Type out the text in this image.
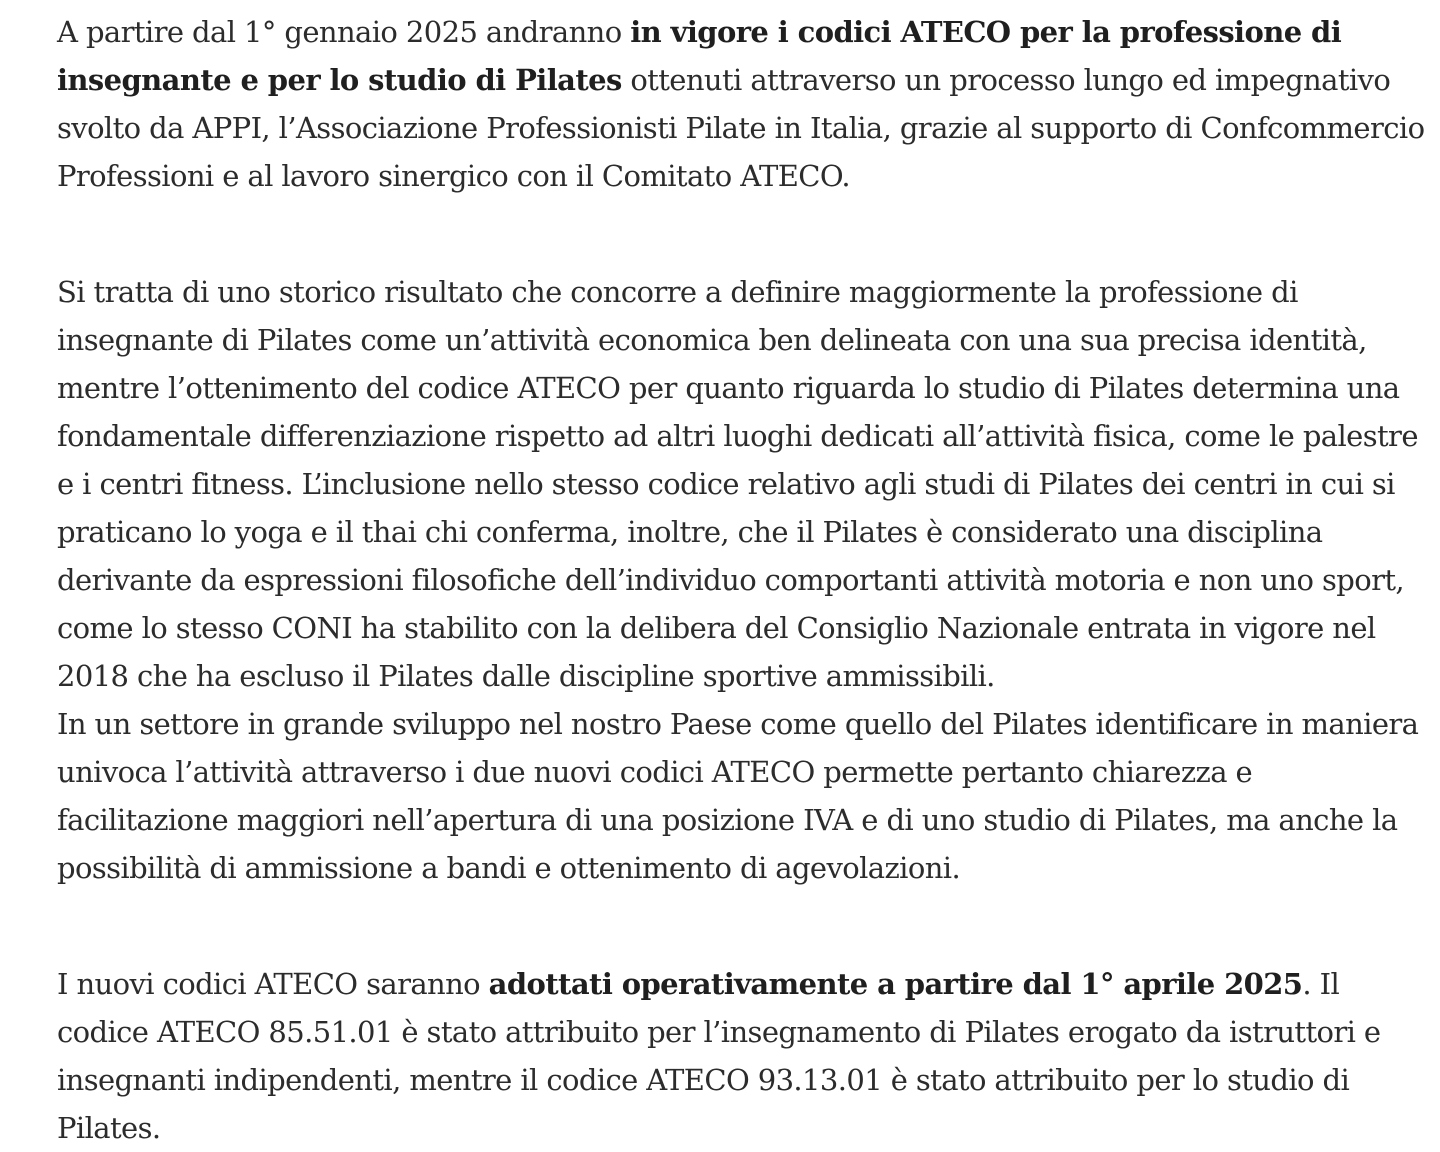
A partire dal 1° gennaio 2025 andranno in vigore i codici ATECO per la professione di insegnante e per lo studio di Pilates ottenuti attraverso un processo lungo ed impegnativo svolto da APPI, l’Associazione Professionisti Pilate in Italia, grazie al supporto di Confcommercio Professioni e al lavoro sinergico con il Comitato ATECO.

Si tratta di uno storico risultato che concorre a definire maggiormente la professione di insegnante di Pilates come un’attività economica ben delineata con una sua precisa identità, mentre l’ottenimento del codice ATECO per quanto riguarda lo studio di Pilates determina una fondamentale differenziazione rispetto ad altri luoghi dedicati all’attività fisica, come le palestre e i centri fitness. L’inclusione nello stesso codice relativo agli studi di Pilates dei centri in cui si praticano lo yoga e il thai chi conferma, inoltre, che il Pilates è considerato una disciplina derivante da espressioni filosofiche dell’individuo comportanti attività motoria e non uno sport, come lo stesso CONI ha stabilito con la delibera del Consiglio Nazionale entrata in vigore nel 2018 che ha escluso il Pilates dalle discipline sportive ammissibili.

In un settore in grande sviluppo nel nostro Paese come quello del Pilates identificare in maniera univoca l’attività attraverso i due nuovi codici ATECO permette pertanto chiarezza e facilitazione maggiori nell’apertura di una posizione IVA e di uno studio di Pilates, ma anche la possibilità di ammissione a bandi e ottenimento di agevolazioni.

I nuovi codici ATECO saranno adottati operativamente a partire dal 1° aprile 2025. Il codice ATECO 85.51.01 è stato attribuito per l’insegnamento di Pilates erogato da istruttori e insegnanti indipendenti, mentre il codice ATECO 93.13.01 è stato attribuito per lo studio di Pilates.
